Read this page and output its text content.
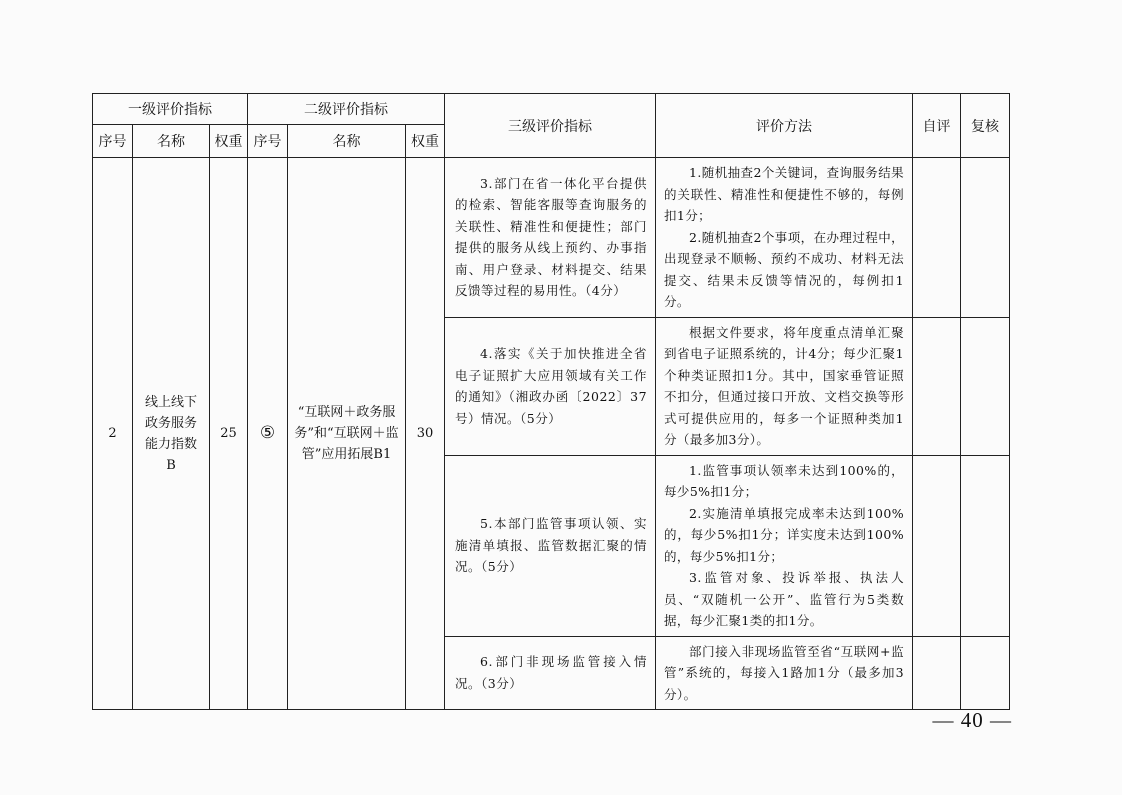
一级评价指标			二级评价指标			三级评价指标	评价方法	自评	复核
序号	名称	权重	序号	名称	权重				
2	线上线下政务服务能力指数B	25	⑤	“互联网＋政务服务”和“互联网＋监管”应用拓展B1	30	3.部门在省一体化平台提供的检索、智能客服等查询服务的关联性、精准性和便捷性；部门提供的服务从线上预约、办事指南、用户登录、材料提交、结果反馈等过程的易用性。（4分）	1.随机抽查2个关键词，查询服务结果的关联性、精准性和便捷性不够的，每例扣1分；
2.随机抽查2个事项，在办理过程中，出现登录不顺畅、预约不成功、材料无法提交、结果未反馈等情况的，每例扣1分。		

						4.落实《关于加快推进全省电子证照扩大应用领域有关工作的通知》（湘政办函〔2022〕37号）情况。（5分）	根据文件要求，将年度重点清单汇聚到省电子证照系统的，计4分；每少汇聚1个种类证照扣1分。其中，国家垂管证照不扣分，但通过接口开放、文档交换等形式可提供应用的，每多一个证照种类加1分（最多加3分）。		

						5.本部门监管事项认领、实施清单填报、监管数据汇聚的情况。（5分）	1.监管事项认领率未达到100%的，每少5%扣1分；
2.实施清单填报完成率未达到100%的，每少5%扣1分；详实度未达到100%的，每少5%扣1分；
3.监管对象、投诉举报、执法人员、“双随机一公开”、监管行为5类数据，每少汇聚1类的扣1分。		

						6.部门非现场监管接入情况。（3分）	部门接入非现场监管至省“互联网+监管”系统的，每接入1路加1分（最多加3分）。		

— 40 —
